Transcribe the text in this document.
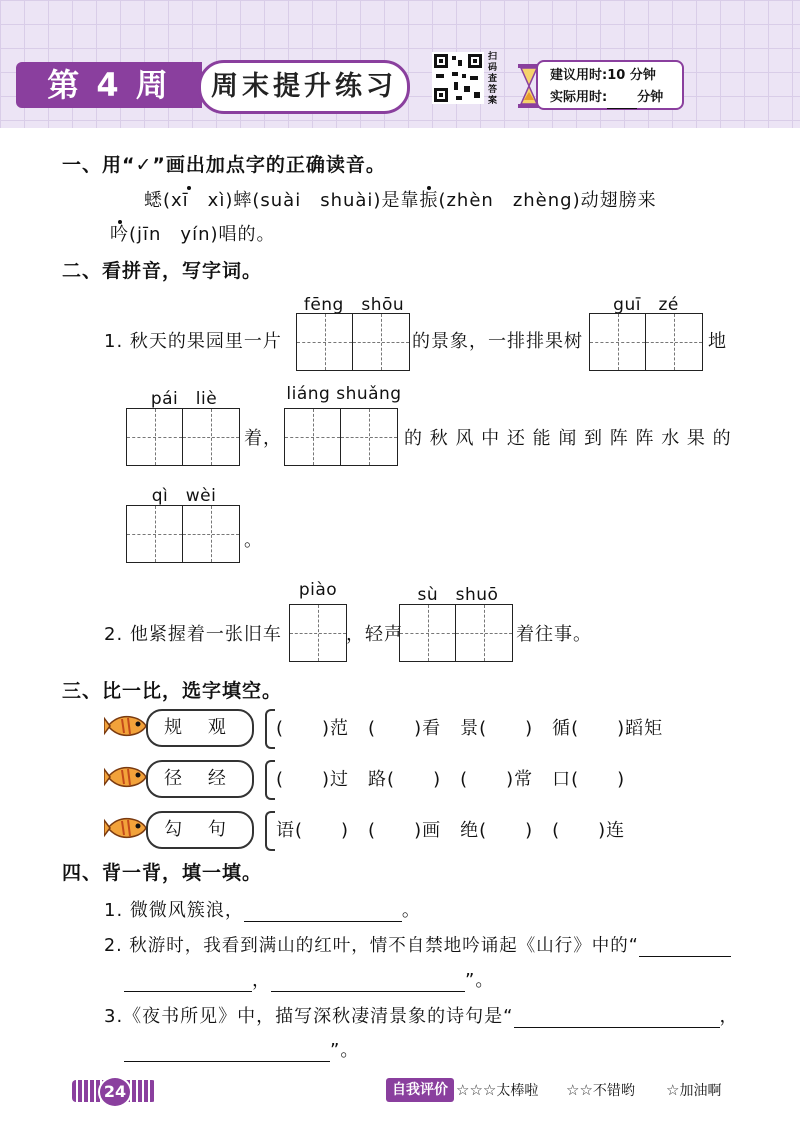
第 4 周	周末提升练习
扫码查答案
建议用时:10 分钟
实际用时: 分钟
一、用“✓”画出加点字的正确读音。
蟋(xī　xì)蟀(suài　shuài)是靠振(zhèn　zhèng)动翅膀来
吟(jīn　yín)唱的。
二、看拼音，写字词。
fēng　shōu
1. 秋天的果园里一片	的景象，一排排果树
guī　zé
地
pái　liè
着，
liáng shuǎng
的 秋 风 中 还 能 闻 到 阵 阵 水 果 的
qì　wèi
。
piào
2. 他紧握着一张旧车	，轻声
sù　shuō
着往事。
三、比一比，选字填空。
规 观	(　　)范　(　　)看　景(　　)　循(　　)蹈矩
径 经	(　　)过　路(　　)　(　　)常　口(　　)
勾 句	语(　　)　(　　)画　绝(　　)　(　　)连
四、背一背，填一填。
1. 微微风簇浪，	。
2. 秋游时，我看到满山的红叶，情不自禁地吟诵起《山行》中的“
，	”。
3.《夜书所见》中，描写深秋凄清景象的诗句是“	，
”。
24	自我评价 ☆☆☆太棒啦 ☆☆不错哟 ☆加油啊
